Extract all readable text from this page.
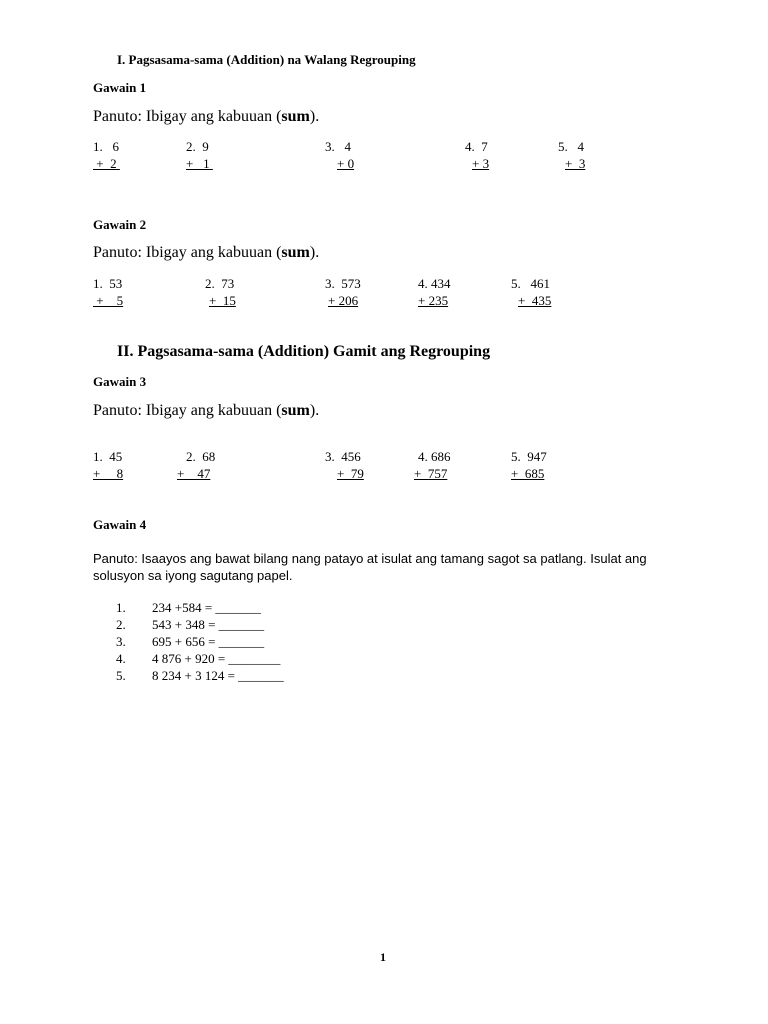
I. Pagsasama-sama (Addition) na Walang Regrouping
Gawain 1
Panuto: Ibigay ang kabuuan (sum).
1.   6
+  2
2.  9
+   1
3.   4
+ 0
4.  7
+ 3
5.   4
+  3
Gawain 2
Panuto: Ibigay ang kabuuan (sum).
1.  53
+    5
2.  73
+  15
3.  573
+ 206
4. 434
+ 235
5.   461
+  435
II. Pagsasama-sama (Addition) Gamit ang Regrouping
Gawain 3
Panuto: Ibigay ang kabuuan (sum).
1.  45
+     8
2.  68
+    47
3.  456
+  79
4. 686
+  757
5.  947
+  685
Gawain 4
Panuto: Isaayos ang bawat bilang nang patayo at isulat ang tamang sagot sa patlang. Isulat ang solusyon sa iyong sagutang papel.
1. 234 +584 = _______
2. 543 + 348 = _______
3. 695 + 656 = _______
4. 4 876 + 920 = ________
5. 8 234 + 3 124 = _______
1
